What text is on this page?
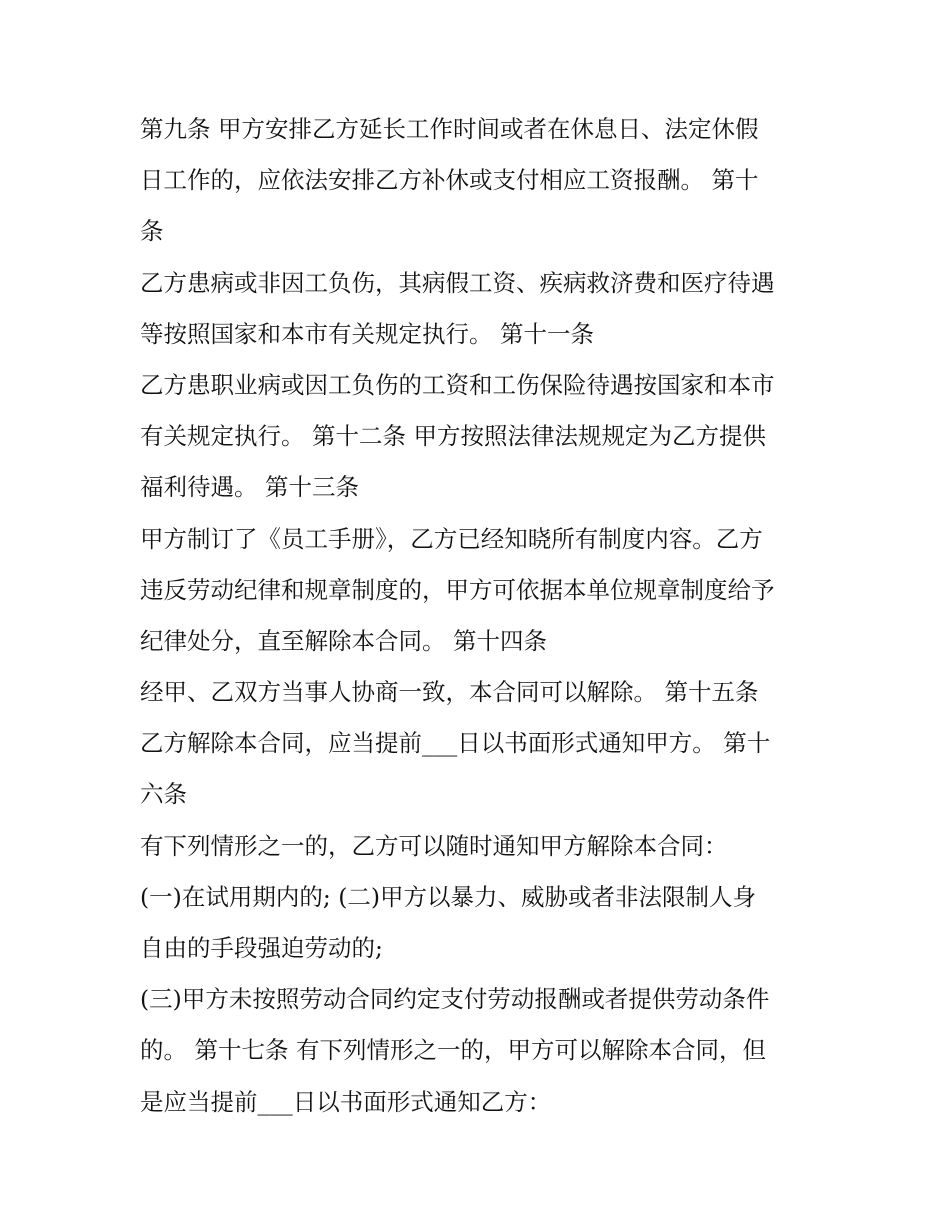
第九条 甲方安排乙方延长工作时间或者在休息日、法定休假
日工作的，应依法安排乙方补休或支付相应工资报酬。 第十
条
乙方患病或非因工负伤，其病假工资、疾病救济费和医疗待遇
等按照国家和本市有关规定执行。 第十一条
乙方患职业病或因工负伤的工资和工伤保险待遇按国家和本市
有关规定执行。 第十二条 甲方按照法律法规规定为乙方提供
福利待遇。 第十三条
甲方制订了《员工手册》，乙方已经知晓所有制度内容。乙方
违反劳动纪律和规章制度的，甲方可依据本单位规章制度给予
纪律处分，直至解除本合同。 第十四条
经甲、乙双方当事人协商一致，本合同可以解除。 第十五条
乙方解除本合同，应当提前___日以书面形式通知甲方。 第十
六条
有下列情形之一的，乙方可以随时通知甲方解除本合同：
(一)在试用期内的; (二)甲方以暴力、威胁或者非法限制人身
自由的手段强迫劳动的;
(三)甲方未按照劳动合同约定支付劳动报酬或者提供劳动条件
的。 第十七条 有下列情形之一的，甲方可以解除本合同，但
是应当提前___日以书面形式通知乙方：
